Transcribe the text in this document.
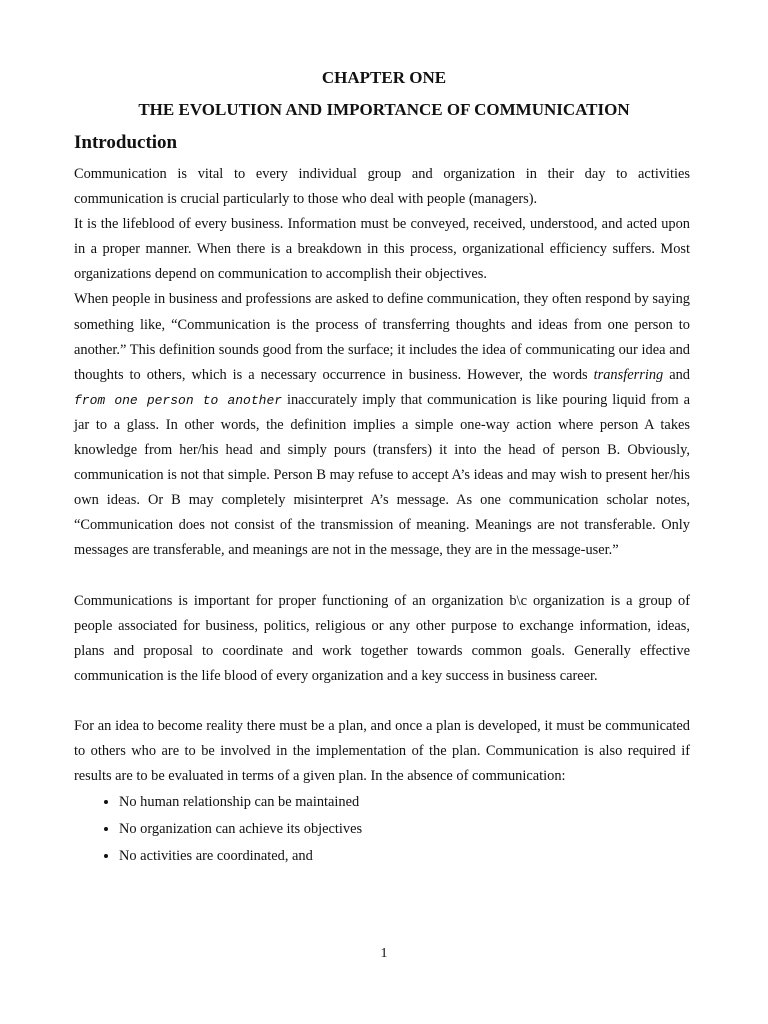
CHAPTER ONE
THE EVOLUTION AND IMPORTANCE OF COMMUNICATION
Introduction

Communication is vital to every individual group and organization in their day to activities communication is crucial particularly to those who deal with people (managers).

It is the lifeblood of every business. Information must be conveyed, received, understood, and acted upon in a proper manner. When there is a breakdown in this process, organizational efficiency suffers. Most organizations depend on communication to accomplish their objectives.

When people in business and professions are asked to define communication, they often respond by saying something like, “Communication is the process of transferring thoughts and ideas from one person to another.” This definition sounds good from the surface; it includes the idea of communicating our idea and thoughts to others, which is a necessary occurrence in business. However, the words transferring and from one person to another inaccurately imply that communication is like pouring liquid from a jar to a glass. In other words, the definition implies a simple one-way action where person A takes knowledge from her/his head and simply pours (transfers) it into the head of person B. Obviously, communication is not that simple. Person B may refuse to accept A’s ideas and may wish to present her/his own ideas. Or B may completely misinterpret A’s message. As one communication scholar notes, “Communication does not consist of the transmission of meaning. Meanings are not transferable. Only messages are transferable, and meanings are not in the message, they are in the message-user.”

Communications is important for proper functioning of an organization b\c organization is a group of people associated for business, politics, religious or any other purpose to exchange information, ideas, plans and proposal to coordinate and work together towards common goals. Generally effective communication is the life blood of every organization and a key success in business career.

For an idea to become reality there must be a plan, and once a plan is developed, it must be communicated to others who are to be involved in the implementation of the plan. Communication is also required if results are to be evaluated in terms of a given plan. In the absence of communication:

• No human relationship can be maintained
• No organization can achieve its objectives
• No activities are coordinated, and
1
